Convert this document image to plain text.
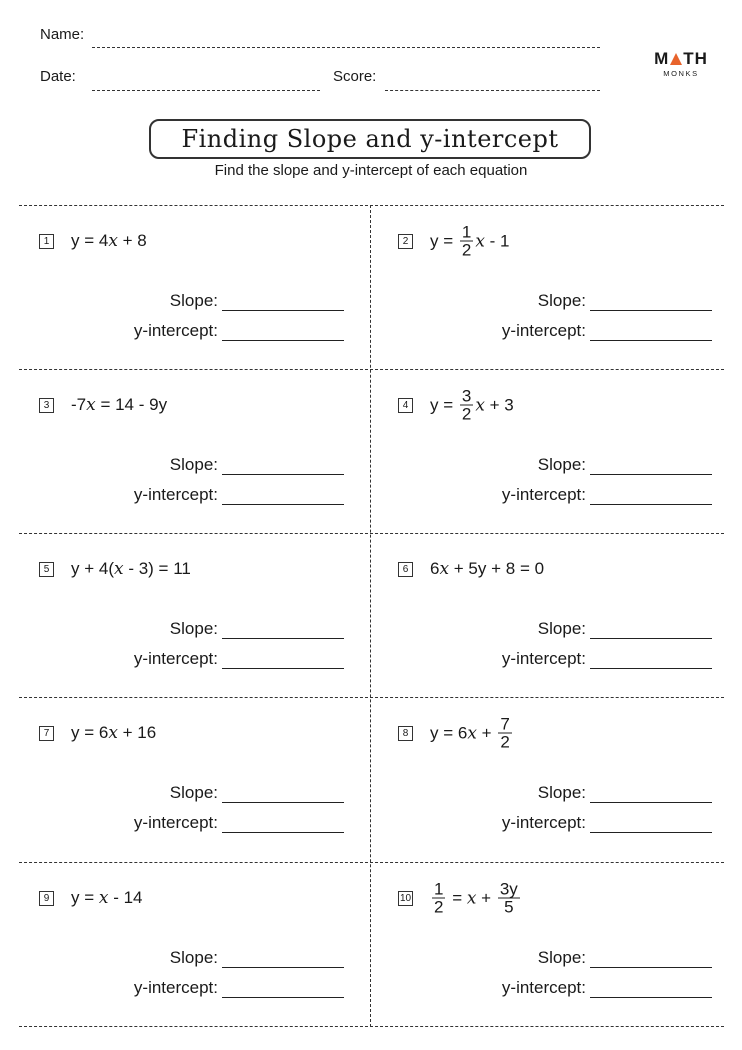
Name:
Date:	Score:
M TH
MONKS
Finding Slope and y-intercept
Find the slope and y-intercept of each equation
1 y = 4 x + 8
Slope:
y-intercept:
2 $y = \frac{1}{2}$ x - 1
Slope:
y-intercept:
3 -7 x = 14 - 9y
Slope:
y-intercept:
4 $y = \frac{3}{2}$ x + 3
Slope:
y-intercept:
5 y + 4( x - 3) = 11
Slope:
y-intercept:
6 6 x + 5y + 8 = 0
Slope:
y-intercept:
7 y = 6 x + 16
Slope:
y-intercept:
8 y = 6 $x + \frac{7}{2}$
Slope:
y-intercept:
9 y = x - 14
Slope:
y-intercept:
$10 \frac{1}{2} = x + \frac{3y}{5}$
Slope:
y-intercept:
